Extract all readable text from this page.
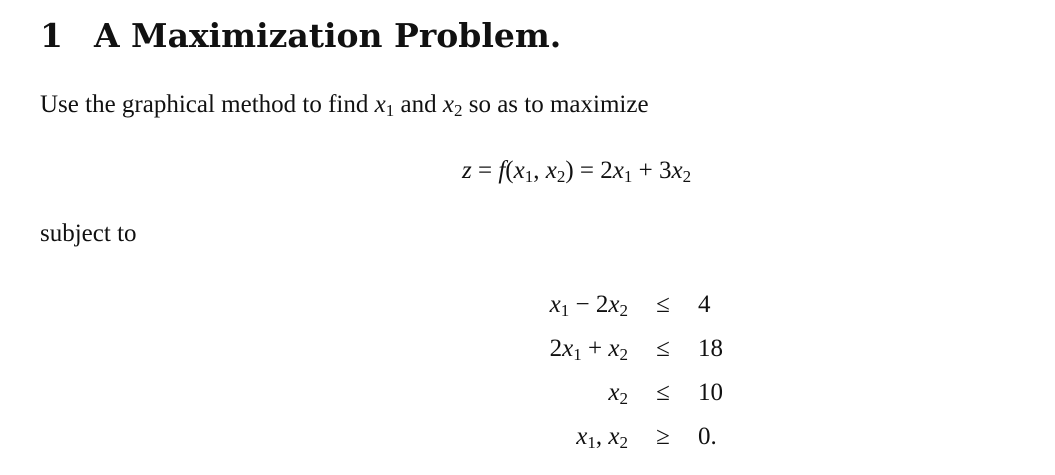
1 A Maximization Problem.
Use the graphical method to find $x_1$ and $x_2$ so as to maximize
$z = f(x_1$, $x_2) = 2x_1 + 3x_2$
subject to
$x_1 - 2x_2$	≤	4
$2x_1 + x_2$	≤	18
$x_2$	≤	10
$x_1$, $x_2$	≥	0.
